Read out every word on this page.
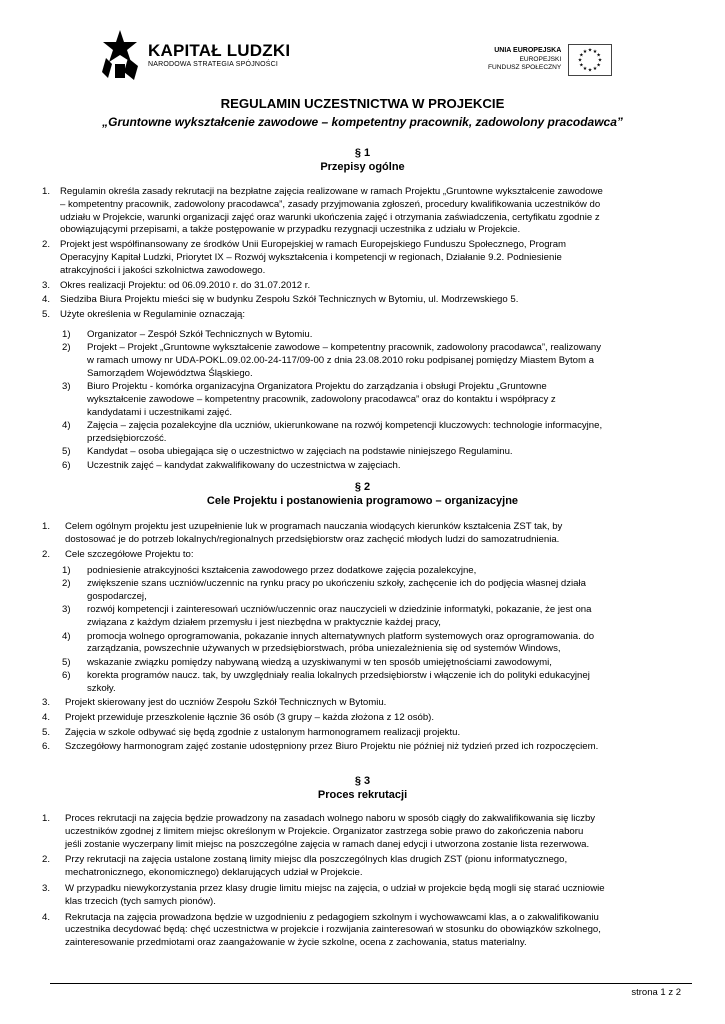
KAPITAŁ LUDZKI
NARODOWA STRATEGIA SPÓJNOŚCI
UNIA EUROPEJSKA
EUROPEJSKI
FUNDUSZ SPOŁECZNY
★
★
★
★
★
★
★
★
★ ★ ★
★
REGULAMIN UCZESTNICTWA W PROJEKCIE
„Gruntowne wykształcenie zawodowe – kompetentny pracownik, zadowolony pracodawca”
§ 1
Przepisy ogólne
§ 2
Cele Projektu i postanowienia programowo – organizacyjne
§ 3
Proces rekrutacji
1. Regulamin określa zasady rekrutacji na bezpłatne zajęcia realizowane w ramach Projektu „Gruntowne wykształcenie zawodowe
– kompetentny pracownik, zadowolony pracodawca”, zasady przyjmowania zgłoszeń, procedury kwalifikowania uczestników do
udziału w Projekcie, warunki organizacji zajęć oraz warunki ukończenia zajęć i otrzymania zaświadczenia, certyfikatu zgodnie z
obowiązującymi przepisami, a także postępowanie w przypadku rezygnacji uczestnika z udziału w Projekcie.
2. Projekt jest współfinansowany ze środków Unii Europejskiej w ramach Europejskiego Funduszu Społecznego, Program
Operacyjny Kapitał Ludzki, Priorytet IX – Rozwój wykształcenia i kompetencji w regionach, Działanie 9.2. Podniesienie
atrakcyjności i jakości szkolnictwa zawodowego.
3. Okres realizacji Projektu: od 06.09.2010 r. do 31.07.2012 r.
4. Siedziba Biura Projektu mieści się w budynku Zespołu Szkół Technicznych w Bytomiu, ul. Modrzewskiego 5.
5. Użyte określenia w Regulaminie oznaczają:
1) Organizator – Zespół Szkół Technicznych w Bytomiu.
2) Projekt – Projekt „Gruntowne wykształcenie zawodowe – kompetentny pracownik, zadowolony pracodawca”, realizowany
w ramach umowy nr UDA-POKL.09.02.00-24-117/09-00 z dnia 23.08.2010 roku podpisanej pomiędzy Miastem Bytom a
Samorządem Województwa Śląskiego.
3) Biuro Projektu - komórka organizacyjna Organizatora Projektu do zarządzania i obsługi Projektu „Gruntowne
wykształcenie zawodowe – kompetentny pracownik, zadowolony pracodawca” oraz do kontaktu i współpracy z
kandydatami i uczestnikami zajęć.
4) Zajęcia – zajęcia pozalekcyjne dla uczniów, ukierunkowane na rozwój kompetencji kluczowych: technologie informacyjne,
przedsiębiorczość.
5) Kandydat – osoba ubiegająca się o uczestnictwo w zajęciach na podstawie niniejszego Regulaminu.
6) Uczestnik zajęć – kandydat zakwalifikowany do uczestnictwa w zajęciach.
1. Celem ogólnym projektu jest uzupełnienie luk w programach nauczania wiodących kierunków kształcenia ZST tak, by
dostosować je do potrzeb lokalnych/regionalnych przedsiębiorstw oraz zachęcić młodych ludzi do samozatrudnienia.
2. Cele szczegółowe Projektu to:
1) podniesienie atrakcyjności kształcenia zawodowego przez dodatkowe zajęcia pozalekcyjne,
2) zwiększenie szans uczniów/uczennic na rynku pracy po ukończeniu szkoły, zachęcenie ich do podjęcia własnej działa
gospodarczej,
3) rozwój kompetencji i zainteresowań uczniów/uczennic oraz nauczycieli w dziedzinie informatyki, pokazanie, że jest ona
związana z każdym działem przemysłu i jest niezbędna w praktycznie każdej pracy,
4) promocja wolnego oprogramowania, pokazanie innych alternatywnych platform systemowych oraz oprogramowania. do
zarządzania, powszechnie używanych w przedsiębiorstwach, próba uniezależnienia się od systemów Windows,
5) wskazanie związku pomiędzy nabywaną wiedzą a uzyskiwanymi w ten sposób umiejętnościami zawodowymi,
6) korekta programów naucz. tak, by uwzględniały realia lokalnych przedsiębiorstw i włączenie ich do polityki edukacyjnej
szkoły.
3. Projekt skierowany jest do uczniów Zespołu Szkół Technicznych w Bytomiu.
4. Projekt przewiduje przeszkolenie łącznie 36 osób (3 grupy – każda złożona z 12 osób).
5. Zajęcia w szkole odbywać się będą zgodnie z ustalonym harmonogramem realizacji projektu.
6. Szczegółowy harmonogram zajęć zostanie udostępniony przez Biuro Projektu nie później niż tydzień przed ich rozpoczęciem.
1. Proces rekrutacji na zajęcia będzie prowadzony na zasadach wolnego naboru w sposób ciągły do zakwalifikowania się liczby
uczestników zgodnej z limitem miejsc określonym w Projekcie. Organizator zastrzega sobie prawo do zakończenia naboru
jeśli zostanie wyczerpany limit miejsc na poszczególne zajęcia w ramach danej edycji i utworzona zostanie lista rezerwowa.
2. Przy rekrutacji na zajęcia ustalone zostaną limity miejsc dla poszczególnych klas drugich ZST (pionu informatycznego,
mechatronicznego, ekonomicznego) deklarujących udział w Projekcie.
3. W przypadku niewykorzystania przez klasy drugie limitu miejsc na zajęcia, o udział w projekcie będą mogli się starać uczniowie
klas trzecich (tych samych pionów).
4. Rekrutacja na zajęcia prowadzona będzie w uzgodnieniu z pedagogiem szkolnym i wychowawcami klas, a o zakwalifikowaniu
uczestnika decydować będą: chęć uczestnictwa w projekcie i rozwijania zainteresowań w stosunku do obowiązków szkolnego,
zainteresowanie przedmiotami oraz zaangażowanie w życie szkolne, ocena z zachowania, status materialny.
strona 1 z 2
